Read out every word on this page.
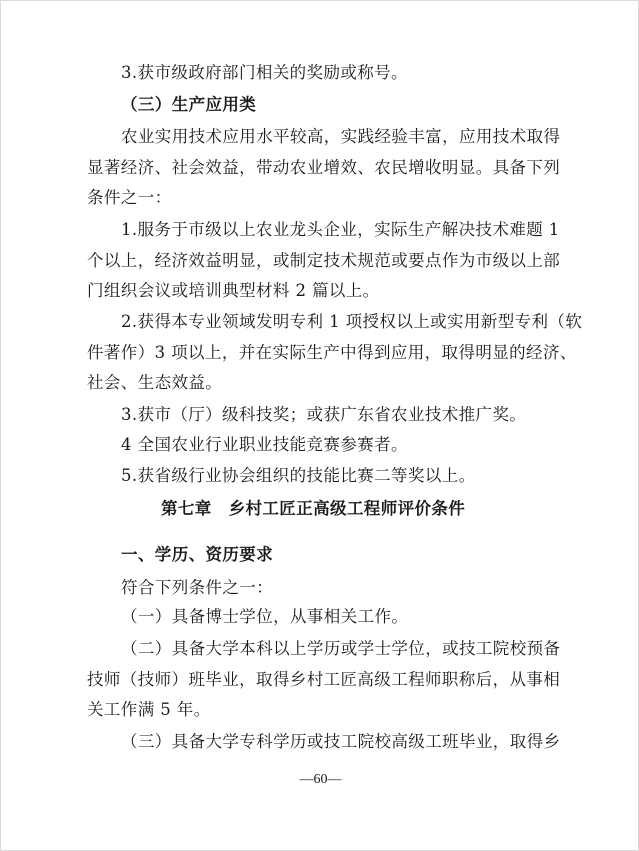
3.获市级政府部门相关的奖励或称号。
（三）生产应用类
农业实用技术应用水平较高，实践经验丰富，应用技术取得
显著经济、社会效益，带动农业增效、农民增收明显。具备下列
条件之一：
1.服务于市级以上农业龙头企业，实际生产解决技术难题 1
个以上，经济效益明显，或制定技术规范或要点作为市级以上部
门组织会议或培训典型材料 2 篇以上。
2.获得本专业领域发明专利 1 项授权以上或实用新型专利（软
件著作）3 项以上，并在实际生产中得到应用，取得明显的经济、
社会、生态效益。
3.获市（厅）级科技奖；或获广东省农业技术推广奖。
4 全国农业行业职业技能竞赛参赛者。
5.获省级行业协会组织的技能比赛二等奖以上。
第七章　乡村工匠正高级工程师评价条件
一、学历、资历要求
符合下列条件之一：
（一）具备博士学位，从事相关工作。
（二）具备大学本科以上学历或学士学位，或技工院校预备
技师（技师）班毕业，取得乡村工匠高级工程师职称后，从事相
关工作满 5 年。
（三）具备大学专科学历或技工院校高级工班毕业，取得乡
—60—
